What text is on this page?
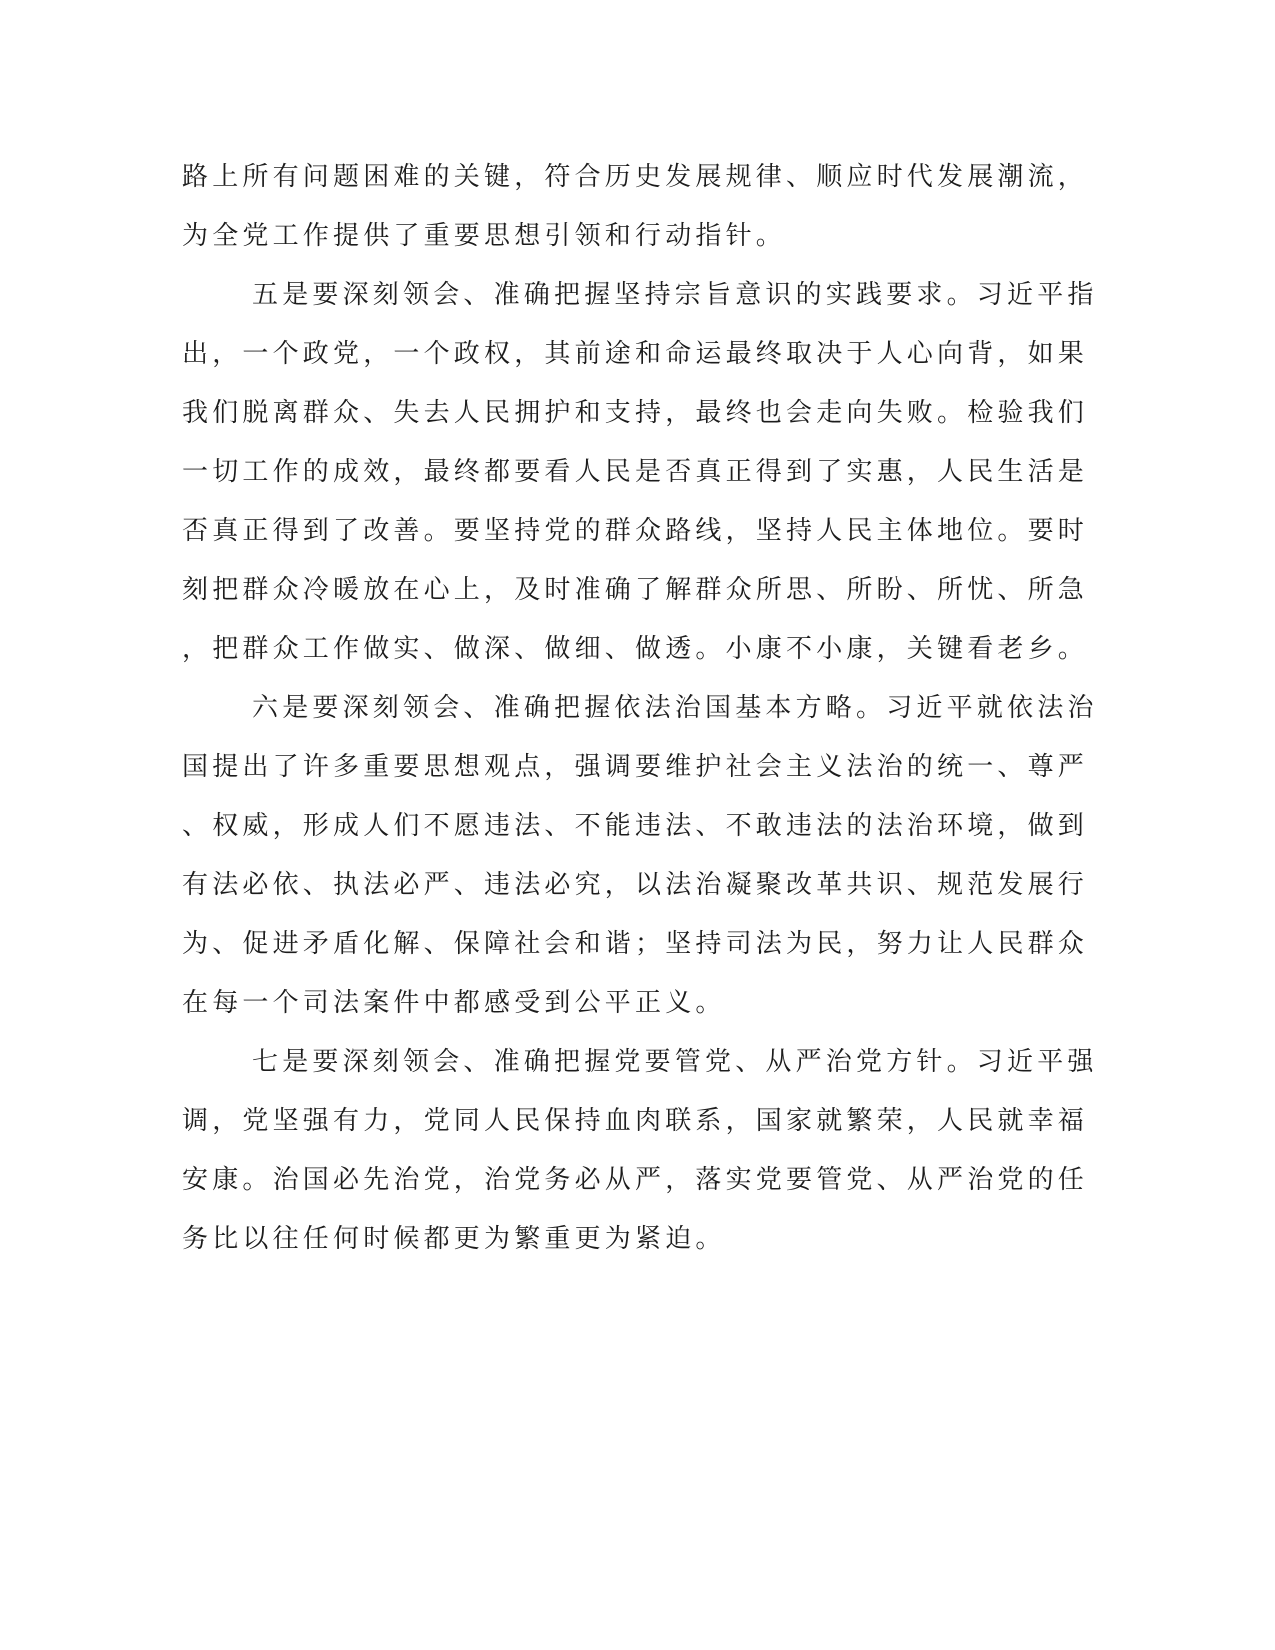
路上所有问题困难的关键，符合历史发展规律、顺应时代发展潮流，
为全党工作提供了重要思想引领和行动指针。
五是要深刻领会、准确把握坚持宗旨意识的实践要求。习近平指
出，一个政党，一个政权，其前途和命运最终取决于人心向背，如果
我们脱离群众、失去人民拥护和支持，最终也会走向失败。检验我们
一切工作的成效，最终都要看人民是否真正得到了实惠，人民生活是
否真正得到了改善。要坚持党的群众路线，坚持人民主体地位。要时
刻把群众冷暖放在心上，及时准确了解群众所思、所盼、所忧、所急
，把群众工作做实、做深、做细、做透。小康不小康，关键看老乡。
六是要深刻领会、准确把握依法治国基本方略。习近平就依法治
国提出了许多重要思想观点，强调要维护社会主义法治的统一、尊严
、权威，形成人们不愿违法、不能违法、不敢违法的法治环境，做到
有法必依、执法必严、违法必究，以法治凝聚改革共识、规范发展行
为、促进矛盾化解、保障社会和谐；坚持司法为民，努力让人民群众
在每一个司法案件中都感受到公平正义。
七是要深刻领会、准确把握党要管党、从严治党方针。习近平强
调，党坚强有力，党同人民保持血肉联系，国家就繁荣，人民就幸福
安康。治国必先治党，治党务必从严，落实党要管党、从严治党的任
务比以往任何时候都更为繁重更为紧迫。
